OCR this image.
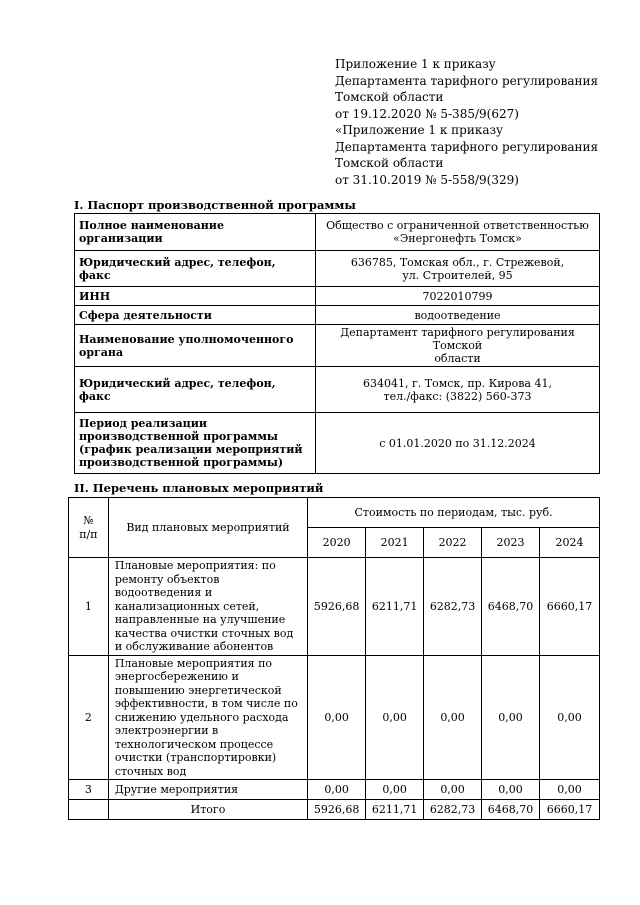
Приложение 1 к приказу
Департамента тарифного регулирования
Томской области
от 19.12.2020 № 5-385/9(627)
«Приложение 1 к приказу
Департамента тарифного регулирования
Томской области
от 31.10.2019 № 5-558/9(329)
I. Паспорт производственной программы
Полное наименование организации	Общество с ограниченной ответственностью
«Энергонефть Томск»
Юридический адрес, телефон, факс	636785, Томская обл., г. Стрежевой,
ул. Строителей, 95
ИНН	7022010799
Сфера деятельности	водоотведение
Наименование уполномоченного органа	Департамент тарифного регулирования Томской
области
Юридический адрес, телефон, факс	634041, г. Томск, пр. Кирова 41,
тел./факс: (3822) 560-373
Период реализации производственной программы (график реализации мероприятий производственной программы)	с 01.01.2020 по 31.12.2024
II. Перечень плановых мероприятий
№
п/п	Вид плановых мероприятий	Стоимость по периодам, тыс. руб.				
		2020	2021	2022	2023	2024
1	Плановые мероприятия: по ремонту объектов водоотведения и канализационных сетей, направленные на улучшение качества очистки сточных вод и обслуживание абонентов	5926,68	6211,71	6282,73	6468,70	6660,17
2	Плановые мероприятия по энергосбережению и повышению энергетической эффективности, в том числе по снижению удельного расхода электроэнергии в технологическом процессе очистки (транспортировки) сточных вод	0,00	0,00	0,00	0,00	0,00
3	Другие мероприятия	0,00	0,00	0,00	0,00	0,00
	Итого	5926,68	6211,71	6282,73	6468,70	6660,17
